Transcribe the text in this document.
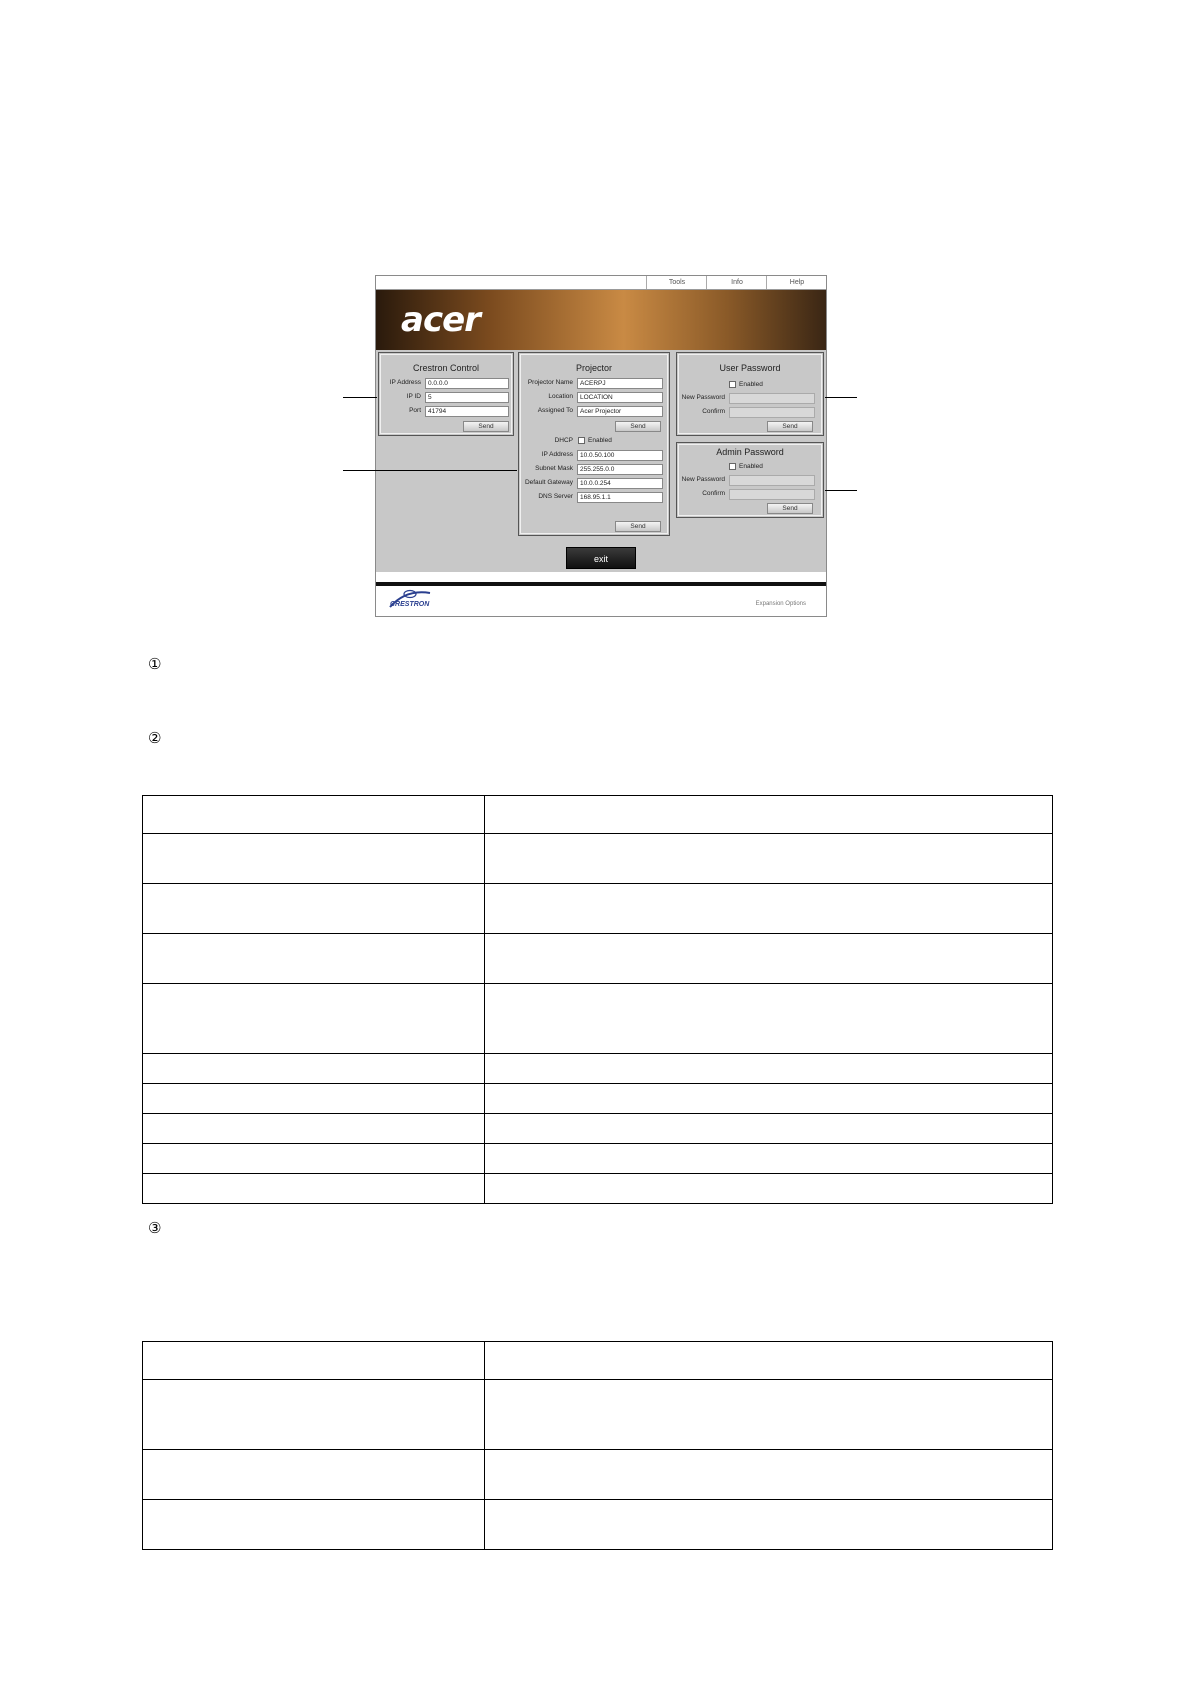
Tools	Info	Help
acer
Crestron Control
IP Address	0.0.0.0
IP ID	5
Port	41794
Send
Projector
Projector Name	ACERPJ
Location	LOCATION
Assigned To	Acer Projector
Send
DHCP Enabled
IP Address	10.0.50.100
Subnet Mask	255.255.0.0
Default Gateway	10.0.0.254
DNS Server	168.95.1.1
Send
User Password
Enabled
New Password
Confirm
Send
Admin Password
Enabled
New Password
Confirm
Send
exit
CRESTRON	Expansion Options
①
②
③
